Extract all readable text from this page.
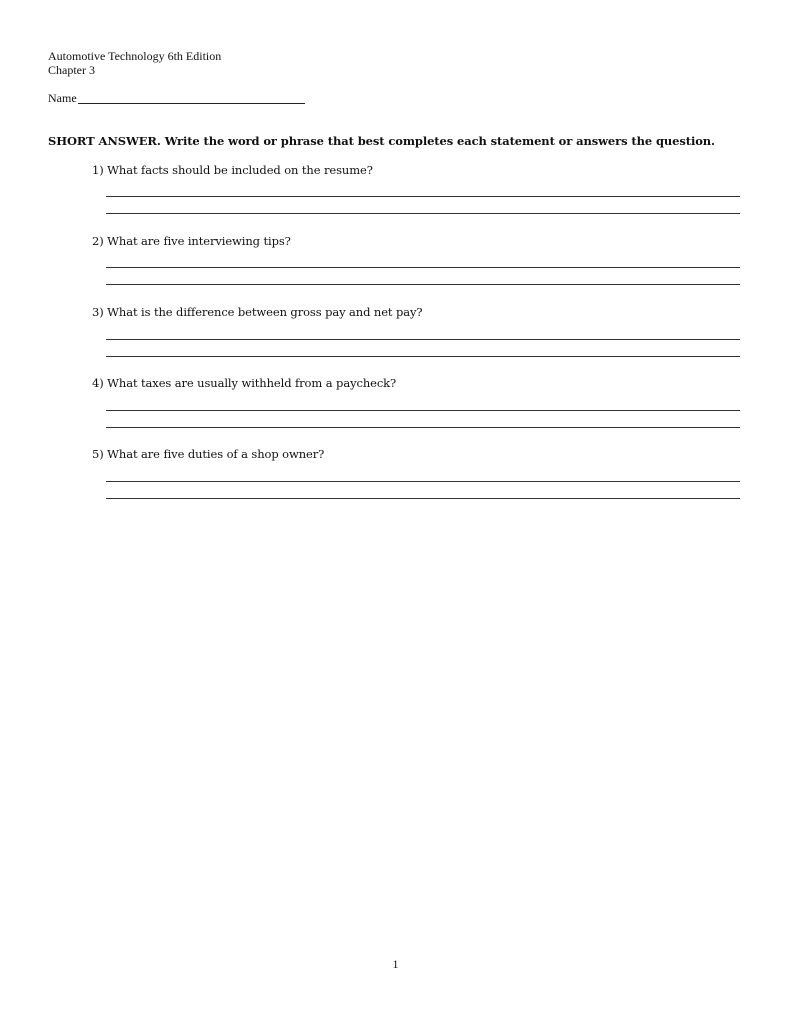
Automotive Technology 6th Edition
Chapter 3
Name
SHORT ANSWER. Write the word or phrase that best completes each statement or answers the question.
1) What facts should be included on the resume?
2) What are five interviewing tips?
3) What is the difference between gross pay and net pay?
4) What taxes are usually withheld from a paycheck?
5) What are five duties of a shop owner?
1
